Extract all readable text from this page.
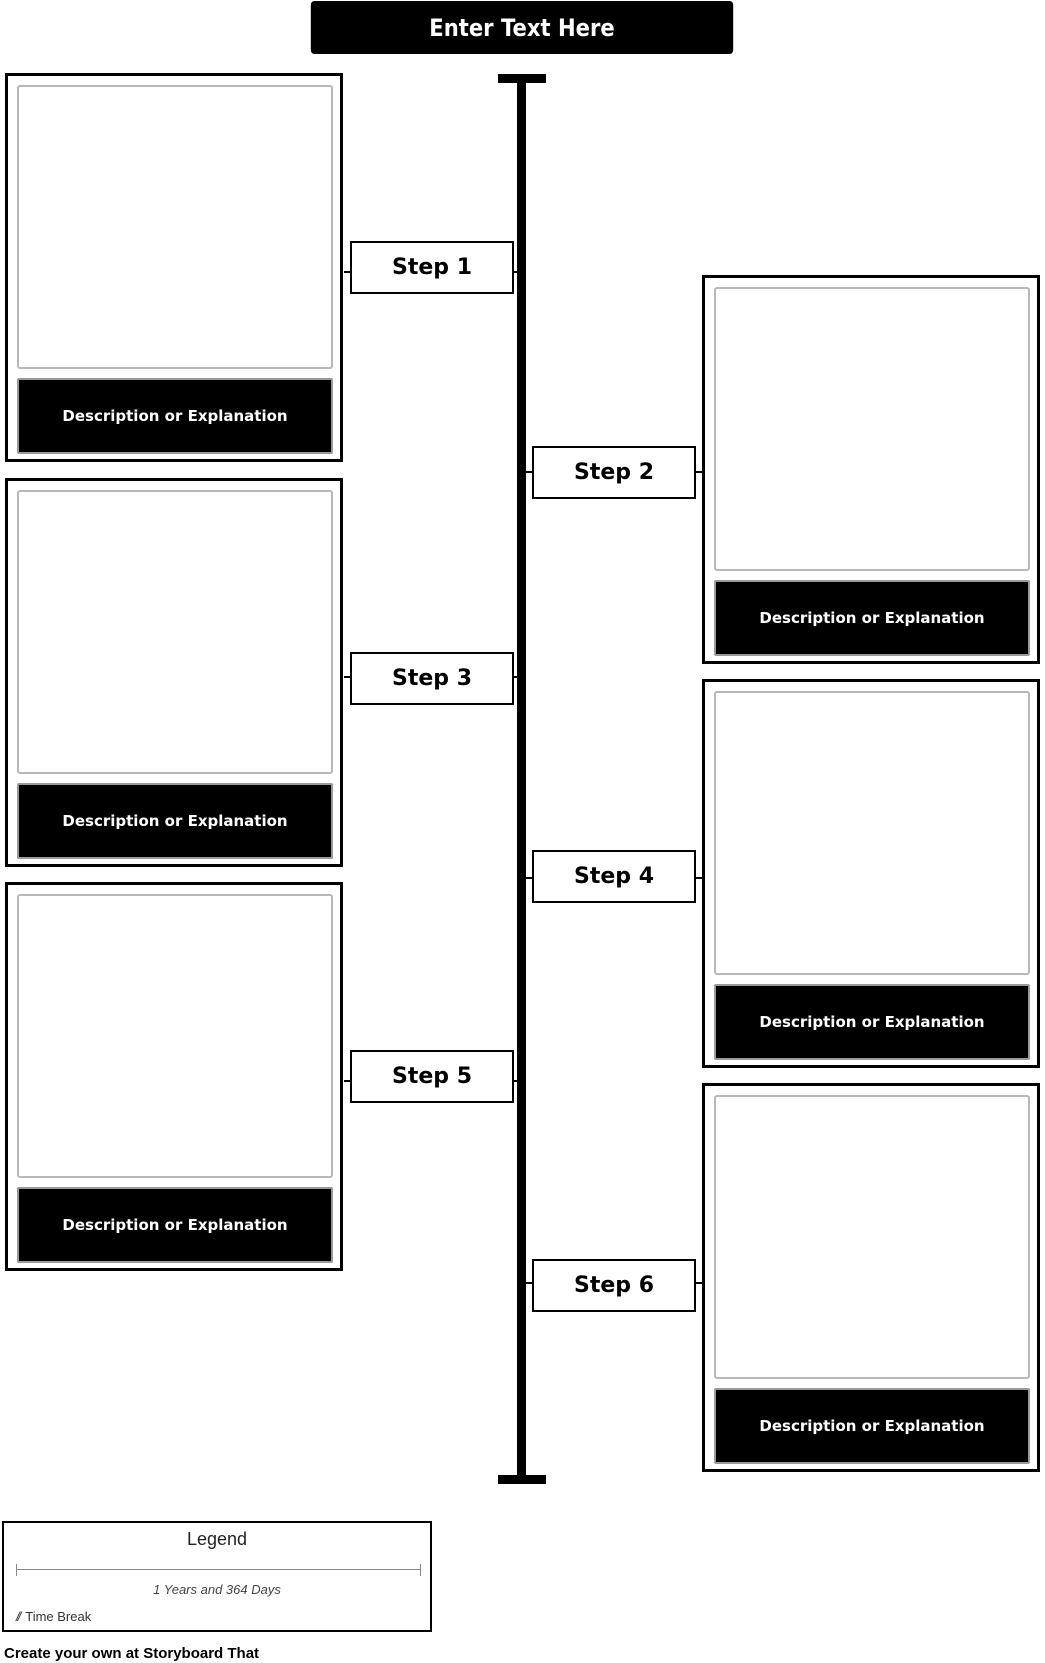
Enter Text Here
Description or Explanation
Step 1
Step 2
Description or Explanation
Description or Explanation
Step 3
Step 4
Description or Explanation
Description or Explanation
Step 5
Step 6
Description or Explanation
Legend
1 Years and 364 Days
// Time Break
Create your own at Storyboard That
